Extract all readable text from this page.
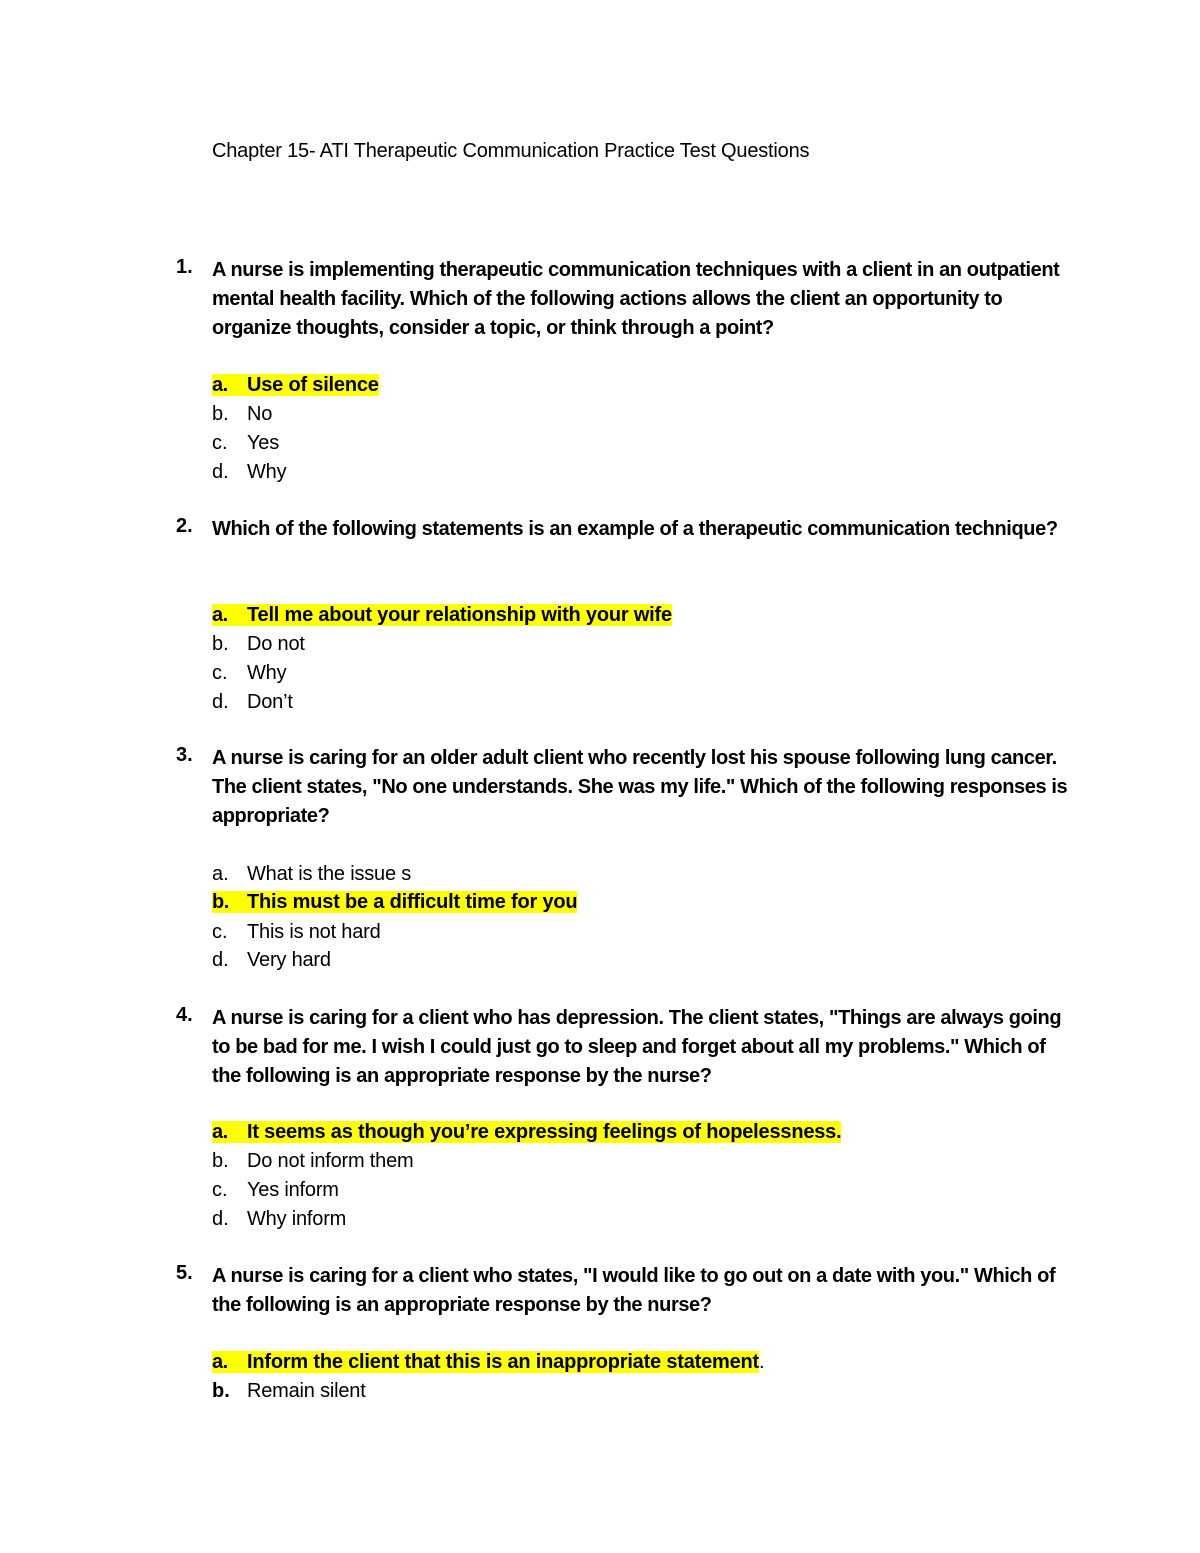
Chapter 15- ATI Therapeutic Communication Practice Test Questions
1. A nurse is implementing therapeutic communication techniques with a client in an outpatient mental health facility. Which of the following actions allows the client an opportunity to organize thoughts, consider a topic, or think through a point?
a. Use of silence
b. No
c. Yes
d. Why
2. Which of the following statements is an example of a therapeutic communication technique?
a. Tell me about your relationship with your wife
b. Do not
c. Why
d. Don’t
3. A nurse is caring for an older adult client who recently lost his spouse following lung cancer. The client states, "No one understands. She was my life." Which of the following responses is appropriate?
a. What is the issue s
b. This must be a difficult time for you
c. This is not hard
d. Very hard
4. A nurse is caring for a client who has depression. The client states, "Things are always going to be bad for me. I wish I could just go to sleep and forget about all my problems." Which of the following is an appropriate response by the nurse?
a. It seems as though you’re expressing feelings of hopelessness.
b. Do not inform them
c. Yes inform
d. Why inform
5. A nurse is caring for a client who states, "I would like to go out on a date with you." Which of the following is an appropriate response by the nurse?
a. Inform the client that this is an inappropriate statement.
b. Remain silent
